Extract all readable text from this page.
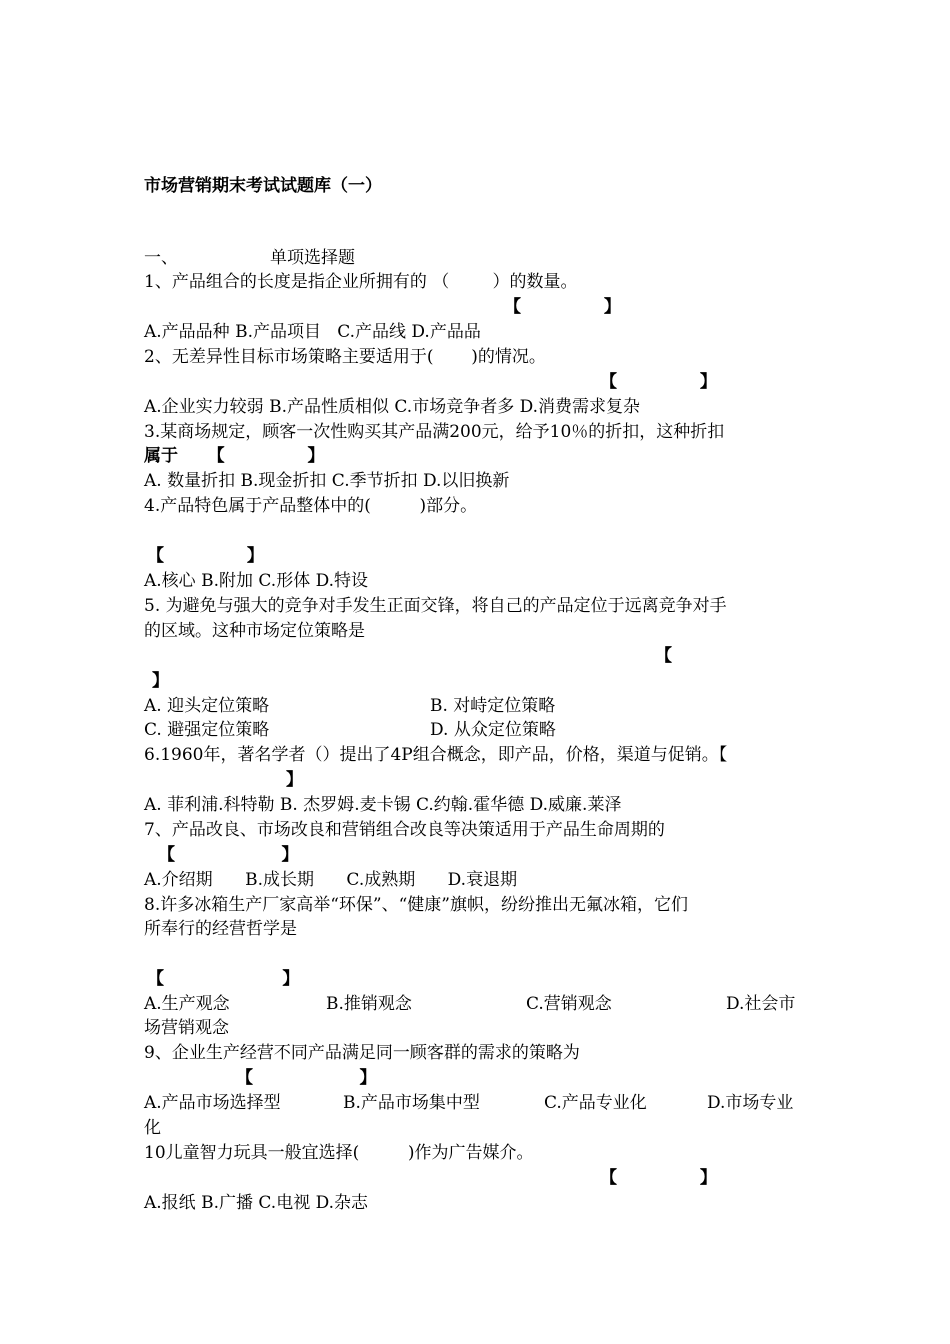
市场营销期末考试试题库（一）
一、	单项选择题
1、产品组合的长度是指企业所拥有的 （        ）的数量。
【              】
A.产品品种 B.产品项目   C.产品线 D.产品品
2、无差异性目标市场策略主要适用于(       )的情况。
【              】
A.企业实力较弱 B.产品性质相似 C.市场竞争者多 D.消费需求复杂
3.某商场规定，顾客一次性购买其产品满200元，给予10％的折扣，这种折扣
属于     【              】
A. 数量折扣 B.现金折扣 C.季节折扣 D.以旧换新
4.产品特色属于产品整体中的(         )部分。
【              】
A.核心 B.附加 C.形体 D.特设
5. 为避免与强大的竞争对手发生正面交锋，将自己的产品定位于远离竞争对手
的区域。这种市场定位策略是
【
】
A. 迎头定位策略	B. 对峙定位策略
C. 避强定位策略	D. 从众定位策略
6.1960年，著名学者（）提出了4P组合概念，即产品，价格，渠道与促销。【
】
A. 菲利浦.科特勒 B. 杰罗姆.麦卡锡 C.约翰.霍华德 D.威廉.莱泽
7、产品改良、市场改良和营销组合改良等决策适用于产品生命周期的
【                  】
A.介绍期      B.成长期      C.成熟期      D.衰退期
8.许多冰箱生产厂家高举“环保”、“健康”旗帜，纷纷推出无氟冰箱，它们
所奉行的经营哲学是
【                    】
A.生产观念	B.推销观念	C.营销观念	D.社会市
场营销观念
9、企业生产经营不同产品满足同一顾客群的需求的策略为
【                  】
A.产品市场选择型	B.产品市场集中型	C.产品专业化	D.市场专业
化
10儿童智力玩具一般宜选择(         )作为广告媒介。
【              】
A.报纸 B.广播 C.电视 D.杂志
